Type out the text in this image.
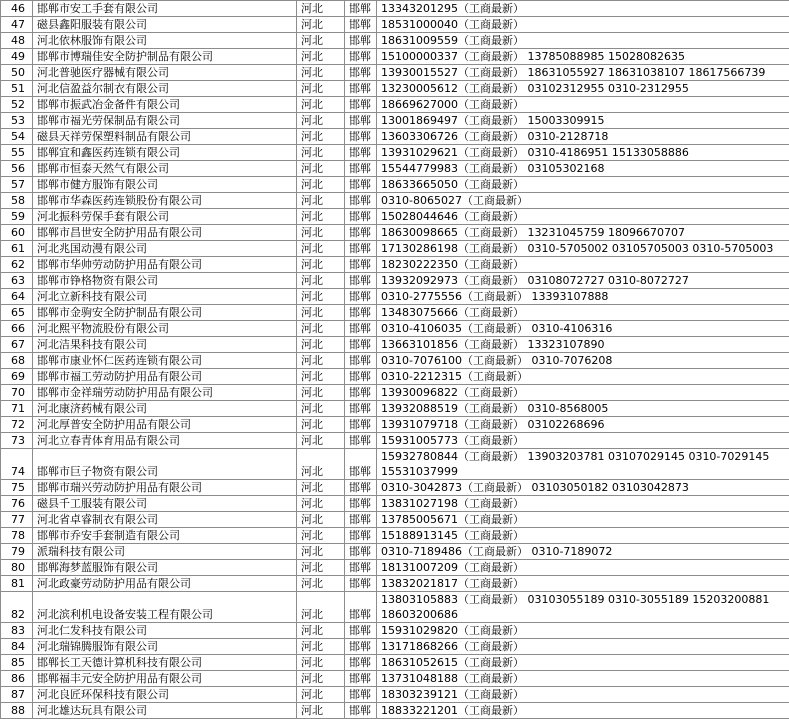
46	邯郸市安工手套有限公司	河北	邯郸	13343201295（工商最新）
47	磁县鑫阳服装有限公司	河北	邯郸	18531000040（工商最新）
48	河北依林服饰有限公司	河北	邯郸	18631009559（工商最新）
49	邯郸市博瑞佳安全防护制品有限公司	河北	邯郸	15100000337（工商最新） 13785088985 15028082635
50	河北普驰医疗器械有限公司	河北	邯郸	13930015527（工商最新） 18631055927 18631038107 18617566739
51	河北信盈益尔制衣有限公司	河北	邯郸	13230005612（工商最新） 03102312955 0310-2312955
52	邯郸市振武冶金备件有限公司	河北	邯郸	18669627000（工商最新）
53	邯郸市福光劳保制品有限公司	河北	邯郸	13001869497（工商最新） 15003309915
54	磁县天祥劳保塑料制品有限公司	河北	邯郸	13603306726（工商最新） 0310-2128718
55	邯郸宜和鑫医药连锁有限公司	河北	邯郸	13931029621（工商最新） 0310-4186951 15133058886
56	邯郸市恒泰天然气有限公司	河北	邯郸	15544779983（工商最新） 03105302168
57	邯郸市健方服饰有限公司	河北	邯郸	18633665050（工商最新）
58	邯郸市华森医药连锁股份有限公司	河北	邯郸	0310-8065027（工商最新）
59	河北振科劳保手套有限公司	河北	邯郸	15028044646（工商最新）
60	邯郸市昌世安全防护用品有限公司	河北	邯郸	18630098665（工商最新） 13231045759 18096670707
61	河北兆国动漫有限公司	河北	邯郸	17130286198（工商最新） 0310-5705002 03105705003 0310-5705003
62	邯郸市华帅劳动防护用品有限公司	河北	邯郸	18230222350（工商最新）
63	邯郸市铮格物资有限公司	河北	邯郸	13932092973（工商最新） 03108072727 0310-8072727
64	河北立新科技有限公司	河北	邯郸	0310-2775556（工商最新） 13393107888
65	邯郸市金驹安全防护制品有限公司	河北	邯郸	13483075666（工商最新）
66	河北熙平物流股份有限公司	河北	邯郸	0310-4106035（工商最新） 0310-4106316
67	河北洁果科技有限公司	河北	邯郸	13663101856（工商最新） 13323107890
68	邯郸市康业怀仁医药连锁有限公司	河北	邯郸	0310-7076100（工商最新） 0310-7076208
69	邯郸市福工劳动防护用品有限公司	河北	邯郸	0310-2212315（工商最新）
70	邯郸市金祥瑞劳动防护用品有限公司	河北	邯郸	13930096822（工商最新）
71	河北康济药械有限公司	河北	邯郸	13932088519（工商最新） 0310-8568005
72	河北厚普安全防护用品有限公司	河北	邯郸	13931079718（工商最新） 03102268696
73	河北立春青体育用品有限公司	河北	邯郸	15931005773（工商最新）
74	邯郸市巨子物资有限公司	河北	邯郸	15932780844（工商最新） 13903203781 03107029145 0310-7029145
15531037999
75	邯郸市瑞兴劳动防护用品有限公司	河北	邯郸	0310-3042873（工商最新） 03103050182 03103042873
76	磁县千工服装有限公司	河北	邯郸	13831027198（工商最新）
77	河北省卓睿制衣有限公司	河北	邯郸	13785005671（工商最新）
78	邯郸市乔安手套制造有限公司	河北	邯郸	15188913145（工商最新）
79	派瑞科技有限公司	河北	邯郸	0310-7189486（工商最新） 0310-7189072
80	邯郸海梦蓝服饰有限公司	河北	邯郸	18131007209（工商最新）
81	河北政豪劳动防护用品有限公司	河北	邯郸	13832021817（工商最新）
82	河北滨利机电设备安装工程有限公司	河北	邯郸	13803105883（工商最新） 03103055189 0310-3055189 15203200881
18603200686
83	河北仁发科技有限公司	河北	邯郸	15931029820（工商最新）
84	河北瑞锦腾服饰有限公司	河北	邯郸	13171868266（工商最新）
85	邯郸长工天德计算机科技有限公司	河北	邯郸	18631052615（工商最新）
86	邯郸福丰元安全防护用品有限公司	河北	邯郸	13731048188（工商最新）
87	河北良匠环保科技有限公司	河北	邯郸	18303239121（工商最新）
88	河北雄达玩具有限公司	河北	邯郸	18833221201（工商最新）
